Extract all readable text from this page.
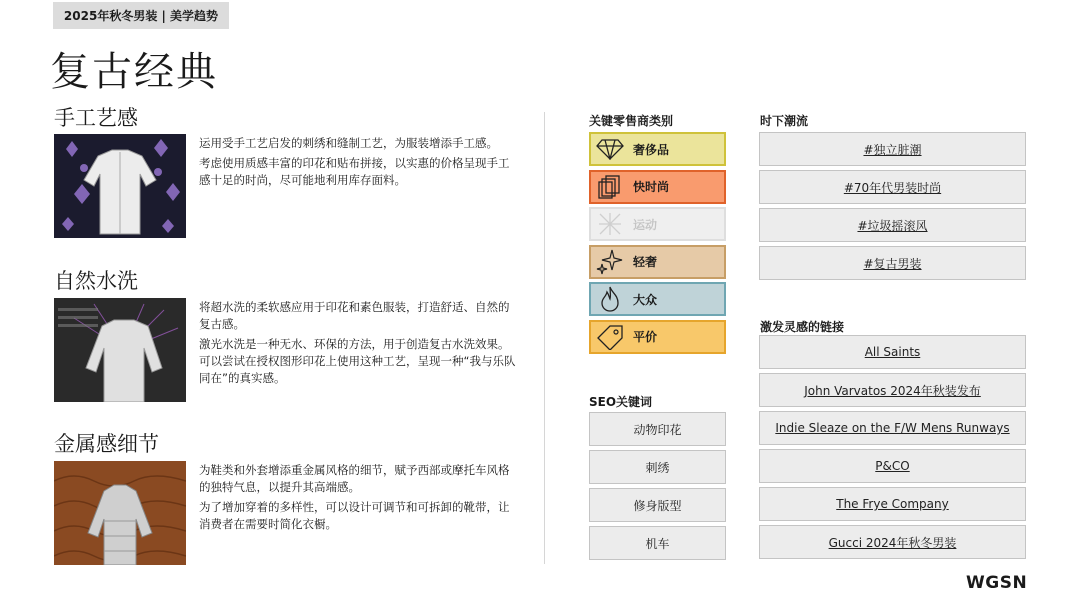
2025年秋冬男装 | 美学趋势
复古经典
手工艺感

运用受手工艺启发的刺绣和缝制工艺，为服装增添手工感。

考虑使用质感丰富的印花和贴布拼接，以实惠的价格呈现手工感十足的时尚，尽可能地利用库存面料。

自然水洗

将超水洗的柔软感应用于印花和素色服装，打造舒适、自然的复古感。

激光水洗是一种无水、环保的方法，用于创造复古水洗效果。可以尝试在授权图形印花上使用这种工艺，呈现一种“我与乐队同在”的真实感。

金属感细节

为鞋类和外套增添重金属风格的细节，赋予西部或摩托车风格的独特气息，以提升其高端感。

为了增加穿着的多样性，可以设计可调节和可拆卸的靴带，让消费者在需要时简化衣橱。

关键零售商类别
奢侈品
快时尚
运动
轻奢
大众
平价
SEO关键词
动物印花
刺绣
修身版型
机车
时下潮流
#独立脏潮
#70年代男装时尚
#垃圾摇滚风
#复古男装
激发灵感的链接
All Saints
John Varvatos 2024年秋装发布
Indie Sleaze on the F/W Mens Runways
P&CO
The Frye Company
Gucci 2024年秋冬男装
WGSN
